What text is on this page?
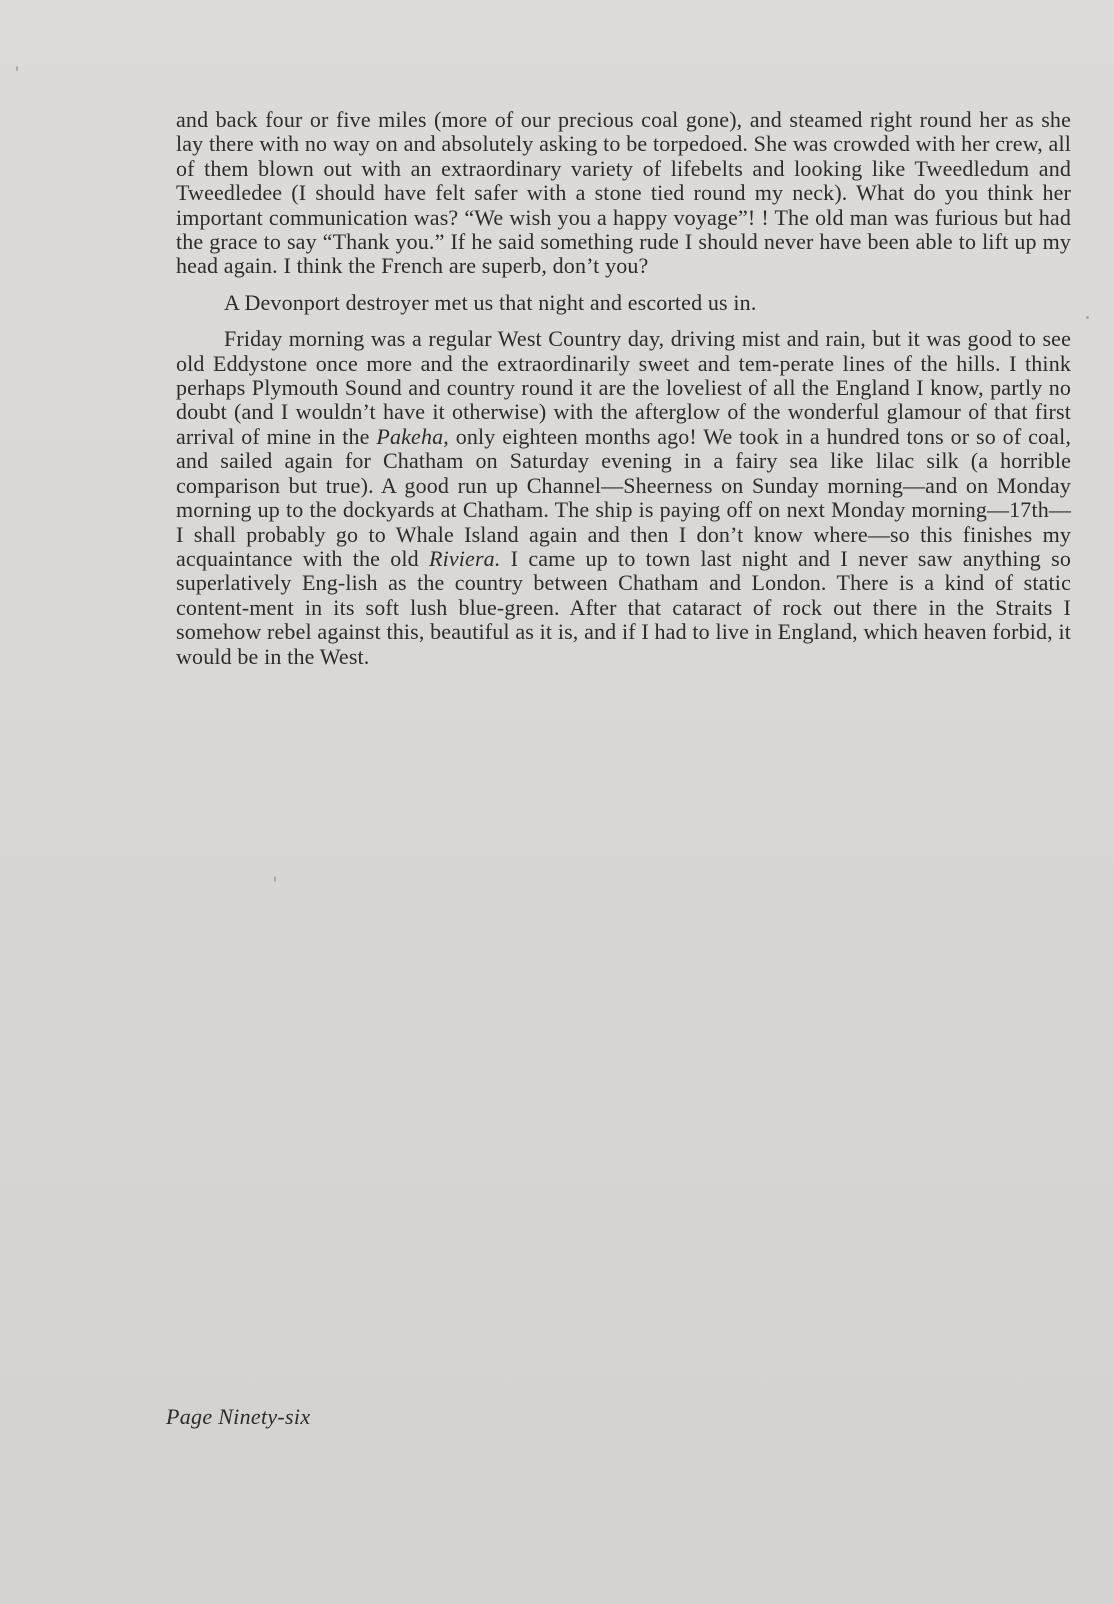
and back four or five miles (more of our precious coal gone), and steamed right round her as she lay there with no way on and absolutely asking to be torpedoed. She was crowded with her crew, all of them blown out with an extraordinary variety of lifebelts and looking like Tweedledum and Tweedledee (I should have felt safer with a stone tied round my neck). What do you think her important communication was? “We wish you a happy voyage”! ! The old man was furious but had the grace to say “Thank you.” If he said something rude I should never have been able to lift up my head again. I think the French are superb, don’t you?

A Devonport destroyer met us that night and escorted us in.

Friday morning was a regular West Country day, driving mist and rain, but it was good to see old Eddystone once more and the extraordinarily sweet and tem‐perate lines of the hills. I think perhaps Plymouth Sound and country round it are the loveliest of all the England I know, partly no doubt (and I wouldn’t have it otherwise) with the afterglow of the wonderful glamour of that first arrival of mine in the Pakeha, only eighteen months ago! We took in a hundred tons or so of coal, and sailed again for Chatham on Saturday evening in a fairy sea like lilac silk (a horrible comparison but true). A good run up Channel—Sheerness on Sunday morning—and on Monday morning up to the dockyards at Chatham. The ship is paying off on next Monday morning—17th—I shall probably go to Whale Island again and then I don’t know where—so this finishes my acquaintance with the old Riviera. I came up to town last night and I never saw anything so superlatively Eng‐lish as the country between Chatham and London. There is a kind of static content‐ment in its soft lush blue‐green. After that cataract of rock out there in the Straits I somehow rebel against this, beautiful as it is, and if I had to live in England, which heaven forbid, it would be in the West.

Page Ninety-six
